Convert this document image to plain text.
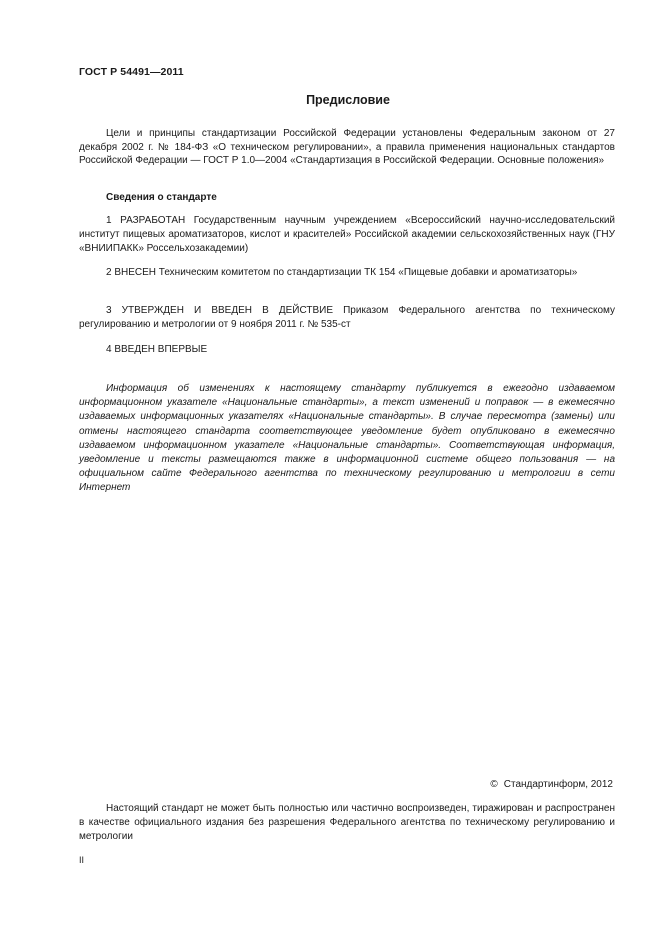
ГОСТ Р 54491—2011
Предисловие

Цели и принципы стандартизации Российской Федерации установлены Федеральным законом от 27 декабря 2002 г. № 184-ФЗ «О техническом регулировании», а правила применения национальных стандартов Российской Федерации — ГОСТ Р 1.0—2004 «Стандартизация в Российской Федерации. Основные положения»

Сведения о стандарте

1 РАЗРАБОТАН Государственным научным учреждением «Всероссийский научно-исследовательский институт пищевых ароматизаторов, кислот и красителей» Российской академии сельскохозяйственных наук (ГНУ «ВНИИПАКК» Россельхозакадемии)

2 ВНЕСЕН Техническим комитетом по стандартизации ТК 154 «Пищевые добавки и ароматизаторы»

3 УТВЕРЖДЕН И ВВЕДЕН В ДЕЙСТВИЕ Приказом Федерального агентства по техническому регулированию и метрологии от 9 ноября 2011 г. № 535-ст

4 ВВЕДЕН ВПЕРВЫЕ

Информация об изменениях к настоящему стандарту публикуется в ежегодно издаваемом информационном указателе «Национальные стандарты», а текст изменений и поправок — в ежемесячно издаваемых информационных указателях «Национальные стандарты». В случае пересмотра (замены) или отмены настоящего стандарта соответствующее уведомление будет опубликовано в ежемесячно издаваемом информационном указателе «Национальные стандарты». Соответствующая информация, уведомление и тексты размещаются также в информационной системе общего пользования — на официальном сайте Федерального агентства по техническому регулированию и метрологии в сети Интернет

© Стандартинформ, 2012

Настоящий стандарт не может быть полностью или частично воспроизведен, тиражирован и распространен в качестве официального издания без разрешения Федерального агентства по техническому регулированию и метрологии

II
